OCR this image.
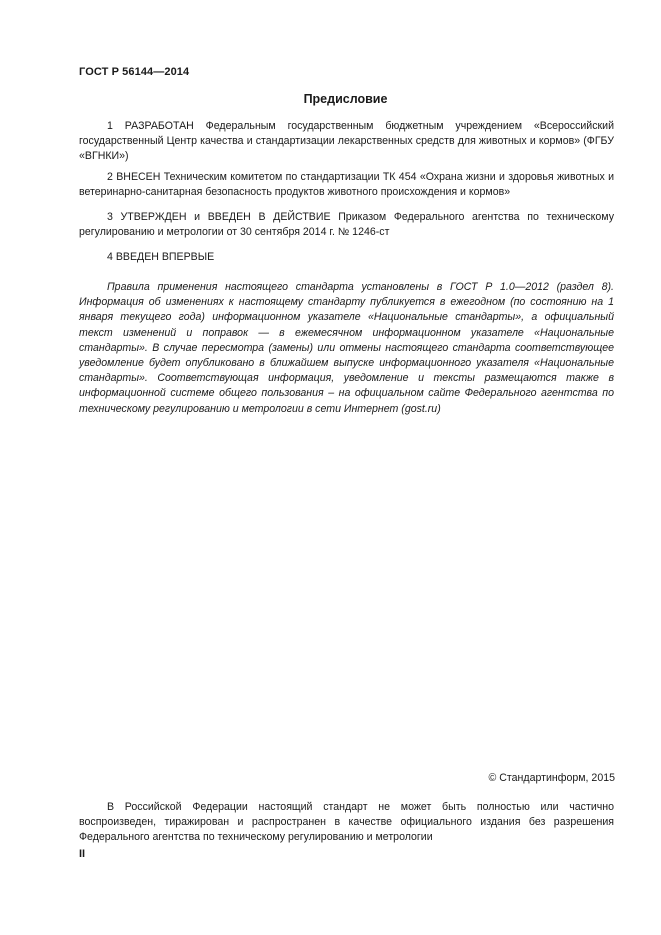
ГОСТ Р 56144—2014
Предисловие

1 РАЗРАБОТАН Федеральным государственным бюджетным учреждением «Всероссийский государственный Центр качества и стандартизации лекарственных средств для животных и кормов» (ФГБУ «ВГНКИ»)

2 ВНЕСЕН Техническим комитетом по стандартизации ТК 454 «Охрана жизни и здоровья животных и ветеринарно-санитарная безопасность продуктов животного происхождения и кормов»

3 УТВЕРЖДЕН и ВВЕДЕН В ДЕЙСТВИЕ Приказом Федерального агентства по техническому регулированию и метрологии от 30 сентября 2014 г. № 1246-ст

4 ВВЕДЕН ВПЕРВЫЕ

Правила применения настоящего стандарта установлены в ГОСТ Р 1.0—2012 (раздел 8). Информация об изменениях к настоящему стандарту публикуется в ежегодном (по состоянию на 1 января текущего года) информационном указателе «Национальные стандарты», а официальный текст изменений и поправок — в ежемесячном информационном указателе «Национальные стандарты». В случае пересмотра (замены) или отмены настоящего стандарта соответствующее уведомление будет опубликовано в ближайшем выпуске информационного указателя «Национальные стандарты». Соответствующая информация, уведомление и тексты размещаются также в информационной системе общего пользования – на официальном сайте Федерального агентства по техническому регулированию и метрологии в сети Интернет (gost.ru)

© Стандартинформ, 2015

В Российской Федерации настоящий стандарт не может быть полностью или частично воспроизведен, тиражирован и распространен в качестве официального издания без разрешения Федерального агентства по техническому регулированию и метрологии

II
